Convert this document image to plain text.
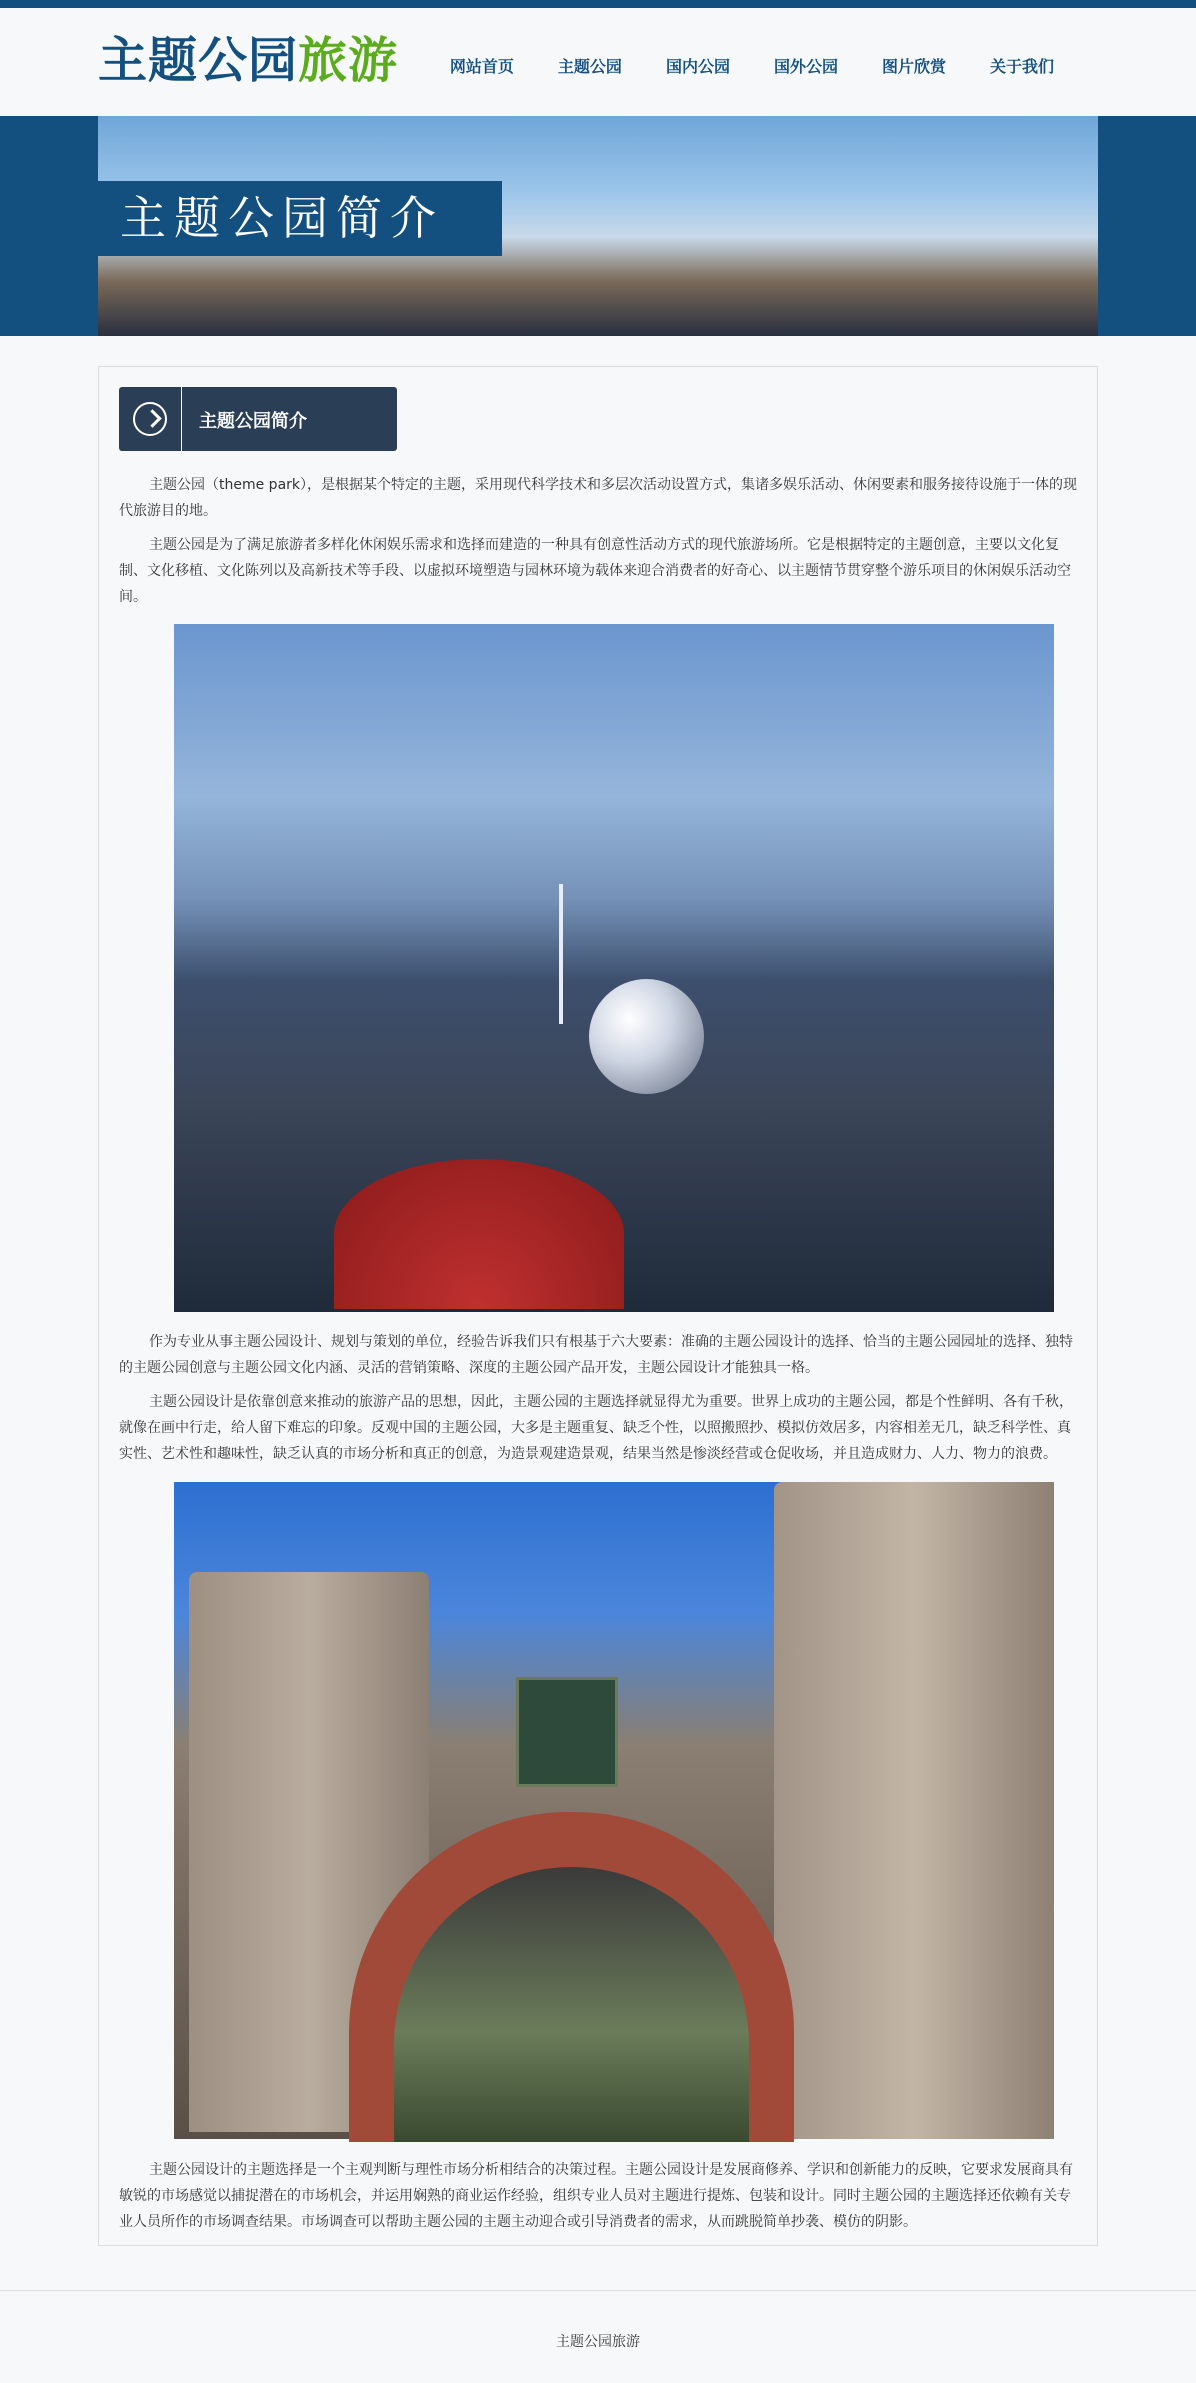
主题公园旅游	网站首页	主题公园	国内公园	国外公园	图片欣赏	关于我们
主题公园简介
主题公园简介

主题公园（theme park），是根据某个特定的主题，采用现代科学技术和多层次活动设置方式，集诸多娱乐活动、休闲要素和服务接待设施于一体的现代旅游目的地。

主题公园是为了满足旅游者多样化休闲娱乐需求和选择而建造的一种具有创意性活动方式的现代旅游场所。它是根据特定的主题创意，主要以文化复制、文化移植、文化陈列以及高新技术等手段、以虚拟环境塑造与园林环境为载体来迎合消费者的好奇心、以主题情节贯穿整个游乐项目的休闲娱乐活动空间。

作为专业从事主题公园设计、规划与策划的单位，经验告诉我们只有根基于六大要素：准确的主题公园设计的选择、恰当的主题公园园址的选择、独特的主题公园创意与主题公园文化内涵、灵活的营销策略、深度的主题公园产品开发，主题公园设计才能独具一格。

主题公园设计是依靠创意来推动的旅游产品的思想，因此，主题公园的主题选择就显得尤为重要。世界上成功的主题公园，都是个性鲜明、各有千秋，就像在画中行走，给人留下难忘的印象。反观中国的主题公园，大多是主题重复、缺乏个性，以照搬照抄、模拟仿效居多，内容相差无几，缺乏科学性、真实性、艺术性和趣味性，缺乏认真的市场分析和真正的创意，为造景观建造景观，结果当然是惨淡经营或仓促收场，并且造成财力、人力、物力的浪费。

主题公园设计的主题选择是一个主观判断与理性市场分析相结合的决策过程。主题公园设计是发展商修养、学识和创新能力的反映，它要求发展商具有敏锐的市场感觉以捕捉潜在的市场机会，并运用娴熟的商业运作经验，组织专业人员对主题进行提炼、包装和设计。同时主题公园的主题选择还依赖有关专业人员所作的市场调查结果。市场调查可以帮助主题公园的主题主动迎合或引导消费者的需求，从而跳脱简单抄袭、模仿的阴影。

主题公园旅游
